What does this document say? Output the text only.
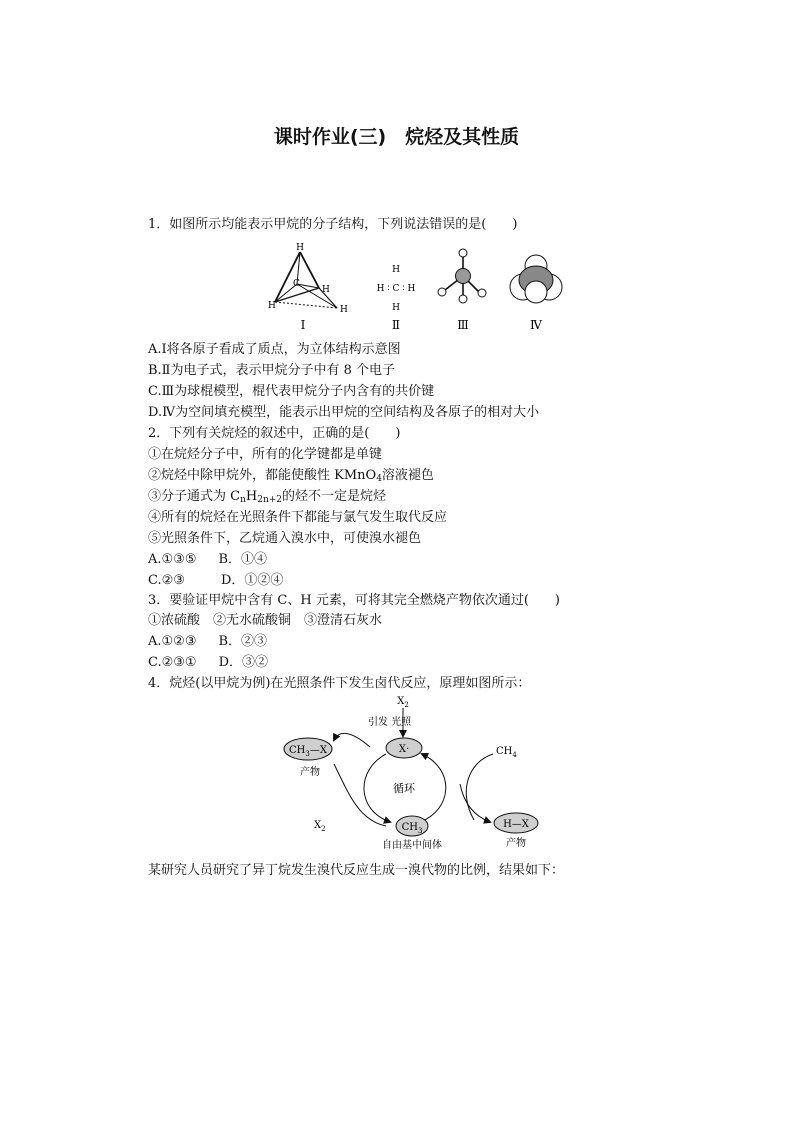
课时作业(三)　烷烃及其性质
1．如图所示均能表示甲烷的分子结构，下列说法错误的是(　　)
H
C
H
H
H
H
H ∶ C ∶ H
H
Ⅰ	Ⅱ	Ⅲ	Ⅳ
A.Ⅰ将各原子看成了质点，为立体结构示意图
B.Ⅱ为电子式，表示甲烷分子中有 8 个电子
C.Ⅲ为球棍模型，棍代表甲烷分子内含有的共价键
D.Ⅳ为空间填充模型，能表示出甲烷的空间结构及各原子的相对大小
2．下列有关烷烃的叙述中，正确的是(　　)
①在烷烃分子中，所有的化学键都是单键
②烷烃中除甲烷外，都能使酸性 KMnO$_4$溶液褪色
③分子通式为 $C_nH_{2n+2}$的烃不一定是烷烃
④所有的烷烃在光照条件下都能与氯气发生取代反应
⑤光照条件下，乙烷通入溴水中，可使溴水褪色
A.①③⑤ B．①④
C.②③	D．①②④
3．要验证甲烷中含有 C、H 元素，可将其完全燃烧产物依次通过(　　)
①浓硫酸　②无水硫酸铜　③澄清石灰水
A.①②③ B．②③
C.②③① D．③②
4．烷烃(以甲烷为例)在光照条件下发生卤代反应，原理如图所示：
$X_2$
引发 光照
X·
$CH_3—X$
产物
$CH_4$
循环
$X_2$	$CH_3$
自由基中间体
H—X
产物
某研究人员研究了异丁烷发生溴代反应生成一溴代物的比例，结果如下：
